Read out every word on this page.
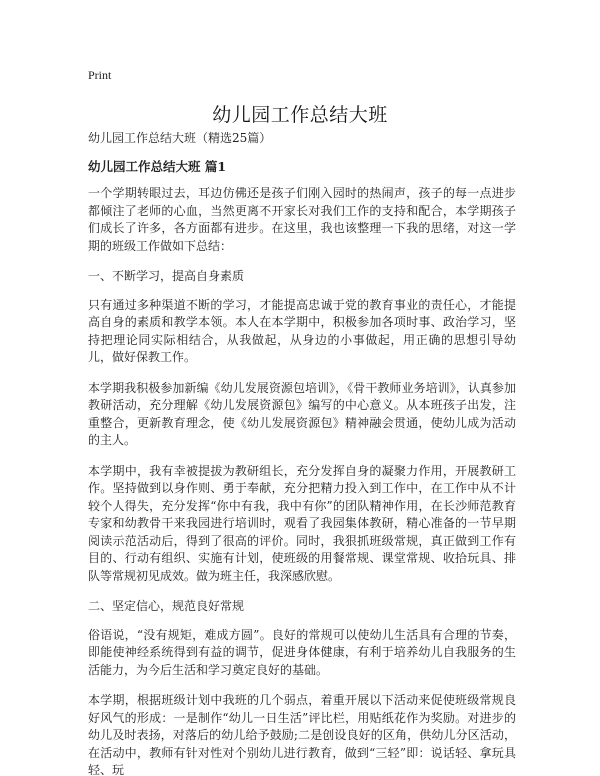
Print
幼儿园工作总结大班

幼儿园工作总结大班（精选25篇）

幼儿园工作总结大班 篇1

一个学期转眼过去，耳边仿佛还是孩子们刚入园时的热闹声，孩子的每一点进步都倾注了老师的心血，当然更离不开家长对我们工作的支持和配合，本学期孩子们成长了许多，各方面都有进步。在这里，我也该整理一下我的思绪，对这一学期的班级工作做如下总结：

一、不断学习，提高自身素质

只有通过多种渠道不断的学习，才能提高忠诚于党的教育事业的责任心，才能提高自身的素质和教学本领。本人在本学期中，积极参加各项时事、政治学习，坚持把理论同实际相结合，从我做起，从身边的小事做起，用正确的思想引导幼儿，做好保教工作。

本学期我积极参加新编《幼儿发展资源包培训》，《骨干教师业务培训》，认真参加教研活动，充分理解《幼儿发展资源包》编写的中心意义。从本班孩子出发，注重整合，更新教育理念，使《幼儿发展资源包》精神融会贯通，使幼儿成为活动的主人。

本学期中，我有幸被提拔为教研组长，充分发挥自身的凝聚力作用，开展教研工作。坚持做到以身作则、勇于奉献，充分把精力投入到工作中，在工作中从不计较个人得失，充分发挥“你中有我，我中有你”的团队精神作用，在长沙师范教育专家和幼教骨干来我园进行培训时，观看了我园集体教研，精心准备的一节早期阅读示范活动后，得到了很高的评价。同时，我狠抓班级常规，真正做到工作有目的、行动有组织、实施有计划，使班级的用餐常规、课堂常规、收拾玩具、排队等常规初见成效。做为班主任，我深感欣慰。

二、坚定信心，规范良好常规

俗语说，“没有规矩，难成方圆”。良好的常规可以使幼儿生活具有合理的节奏，即能使神经系统得到有益的调节，促进身体健康，有利于培养幼儿自我服务的生活能力，为今后生活和学习奠定良好的基础。

本学期，根据班级计划中我班的几个弱点，着重开展以下活动来促使班级常规良好风气的形成：一是制作“幼儿一日生活”评比栏，用贴纸花作为奖励。对进步的幼儿及时表扬，对落后的幼儿给予鼓励;二是创设良好的区角，供幼儿分区活动，在活动中，教师有针对性对个别幼儿进行教育，做到“三轻”即：说话轻、拿玩具轻、玩
